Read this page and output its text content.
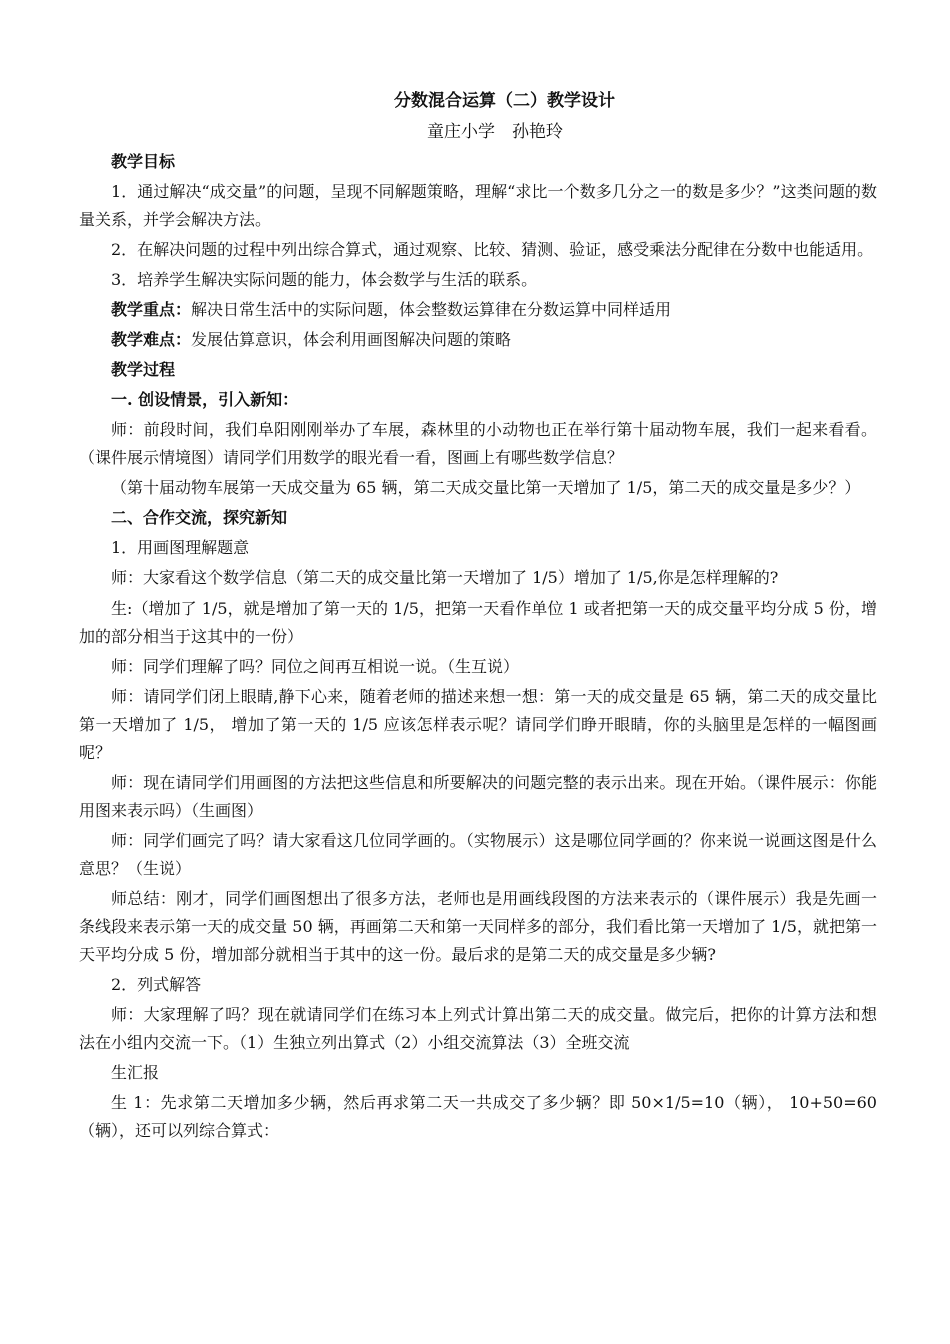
分数混合运算（二）教学设计
童庄小学　孙艳玲

教学目标

1．通过解决“成交量”的问题，呈现不同解题策略，理解“求比一个数多几分之一的数是多少？”这类问题的数量关系，并学会解决方法。

2．在解决问题的过程中列出综合算式，通过观察、比较、猜测、验证，感受乘法分配律在分数中也能适用。

3．培养学生解决实际问题的能力，体会数学与生活的联系。

教学重点：解决日常生活中的实际问题，体会整数运算律在分数运算中同样适用

教学难点：发展估算意识，体会利用画图解决问题的策略

教学过程

一. 创设情景，引入新知：

师：前段时间，我们阜阳刚刚举办了车展，森林里的小动物也正在举行第十届动物车展，我们一起来看看。（课件展示情境图）请同学们用数学的眼光看一看，图画上有哪些数学信息？

（第十届动物车展第一天成交量为 65 辆，第二天成交量比第一天增加了 1/5，第二天的成交量是多少？）

二、合作交流，探究新知

1．用画图理解题意

师：大家看这个数学信息（第二天的成交量比第一天增加了 1/5）增加了 1/5,你是怎样理解的?

生:（增加了 1/5，就是增加了第一天的 1/5，把第一天看作单位 1 或者把第一天的成交量平均分成 5 份，增加的部分相当于这其中的一份）

师：同学们理解了吗？同位之间再互相说一说。（生互说）

师：请同学们闭上眼睛,静下心来，随着老师的描述来想一想：第一天的成交量是 65 辆，第二天的成交量比第一天增加了 1/5， 增加了第一天的 1/5 应该怎样表示呢？请同学们睁开眼睛，你的头脑里是怎样的一幅图画呢？

师：现在请同学们用画图的方法把这些信息和所要解决的问题完整的表示出来。现在开始。（课件展示：你能用图来表示吗）（生画图）

师：同学们画完了吗？请大家看这几位同学画的。（实物展示）这是哪位同学画的？你来说一说画这图是什么意思？（生说）

师总结：刚才，同学们画图想出了很多方法，老师也是用画线段图的方法来表示的（课件展示）我是先画一条线段来表示第一天的成交量 50 辆，再画第二天和第一天同样多的部分，我们看比第一天增加了 1/5，就把第一天平均分成 5 份，增加部分就相当于其中的这一份。最后求的是第二天的成交量是多少辆?

2．列式解答

师：大家理解了吗？现在就请同学们在练习本上列式计算出第二天的成交量。做完后，把你的计算方法和想法在小组内交流一下。（1）生独立列出算式（2）小组交流算法（3）全班交流

生汇报

生 1：先求第二天增加多少辆，然后再求第二天一共成交了多少辆？即 50×1/5=10（辆）， 10+50=60（辆），还可以列综合算式：
